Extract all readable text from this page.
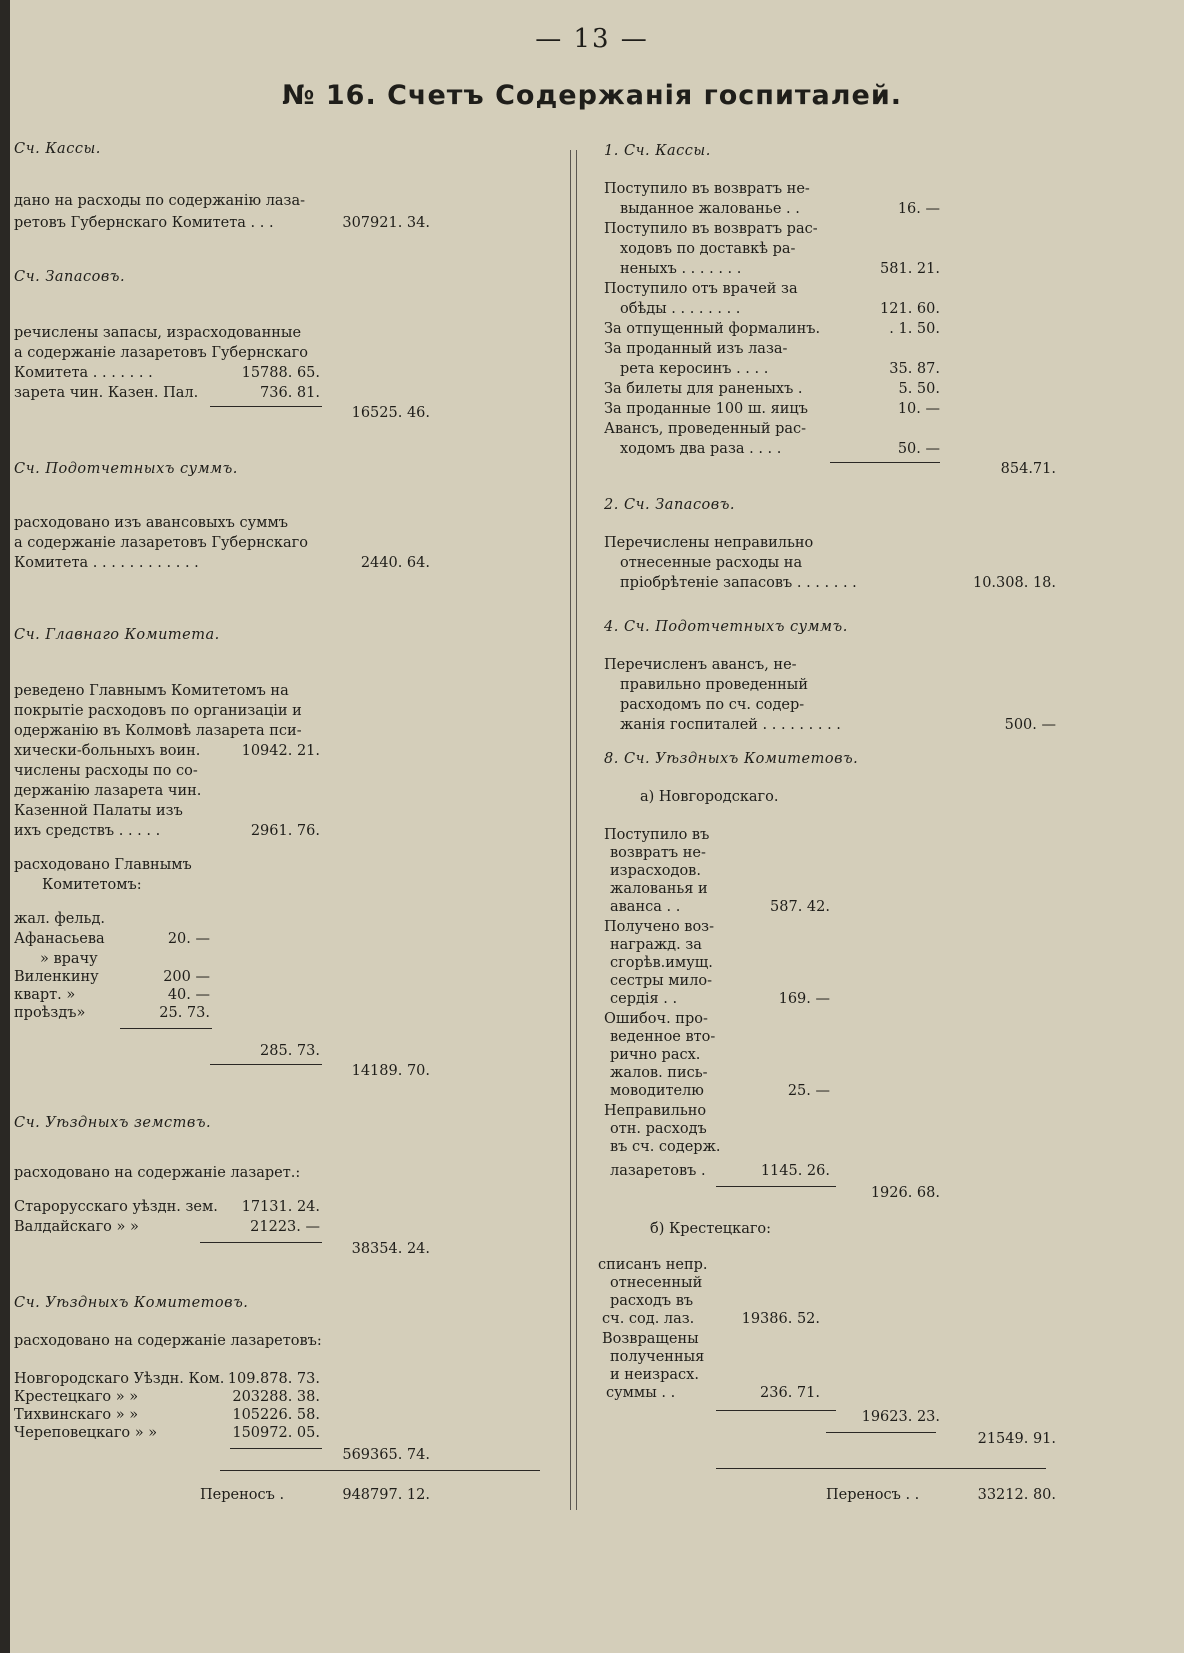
— 13 —
№ 16. Счетъ Содержанія госпиталей.
Сч. Кассы.
дано на расходы по содержанію лаза-
ретовъ Губернскаго Комитета . . .	307921. 34.
Сч. Запасовъ.
речислены запасы, израсходованные
а содержаніе лазаретовъ Губернскаго
Комитета . . . . . . .	15788. 65.
зарета чин. Казен. Пал.	736. 81.
16525. 46.
Сч. Подотчетныхъ суммъ.
расходовано изъ авансовыхъ суммъ
а содержаніе лазаретовъ Губернскаго
Комитета . . . . . . . . . . . .	2440. 64.
Сч. Главнаго Комитета.
реведено Главнымъ Комитетомъ на
покрытіе расходовъ по организаціи и
одержанію въ Колмовѣ лазарета пси-
хически-больныхъ воин.	10942. 21.
числены расходы по со-
держанію лазарета чин.
Казенной Палаты изъ
ихъ средствъ . . . . .	2961. 76.
расходовано Главнымъ
Комитетомъ:
жал. фельд.
Афанасьева	20. —
» врачу
Виленкину	200 —
кварт. »	40. —
проѣздъ»	25. 73.
285. 73.
14189. 70.
Сч. Уѣздныхъ земствъ.
расходовано на содержаніе лазарет.:
Старорусскаго уѣздн. зем.	17131. 24.
Валдайскаго » »	21223. —
38354. 24.
Сч. Уѣздныхъ Комитетовъ.
расходовано на содержаніе лазаретовъ:
Новгородскаго Уѣздн. Ком. 109.878. 73.
Крестецкаго » »	203288. 38.
Тихвинскаго » »	105226. 58.
Череповецкаго » »	150972. 05.
569365. 74.
Переносъ .	948797. 12.
1. Сч. Кассы.
Поступило въ возвратъ не-
выданное жалованье . .	16. —
Поступило въ возвратъ рас-
ходовъ по доставкѣ ра-
неныхъ . . . . . . .	581. 21.
Поступило отъ врачей за
обѣды . . . . . . . .	121. 60.
За отпущенный формалинъ.	. 1. 50.
За проданный изъ лаза-
рета керосинъ . . . .	35. 87.
За билеты для раненыхъ .	5. 50.
За проданные 100 ш. яицъ	10. —
Авансъ, проведенный рас-
ходомъ два раза . . . .	50. —
854.71.
2. Сч. Запасовъ.
Перечислены неправильно
отнесенные расходы на
пріобрѣтеніе запасовъ . . . . . . .	10.308. 18.
4. Сч. Подотчетныхъ суммъ.
Перечисленъ авансъ, не-
правильно проведенный
расходомъ по сч. содер-
жанія госпиталей . . . . . . . . .	500. —
8. Сч. Уѣздныхъ Комитетовъ.
а) Новгородскаго.
Поступило въ
возвратъ не-
израсходов.
жалованья и
аванса . .	587. 42.
Получено воз-
награжд. за
сгорѣв.имущ.
сестры мило-
сердія . .	169. —
Ошибоч. про-
веденное вто-
рично расх.
жалов. пись-
моводителю	25. —
Неправильно
отн. расходъ
въ сч. содерж.
лазаретовъ .	1145. 26.
1926. 68.
б) Крестецкаго:
списанъ непр.
отнесенный
расходъ въ
сч. сод. лаз.	19386. 52.
Возвращены
полученныя
и неизрасх.
суммы . .	236. 71.
19623. 23.
21549. 91.
Переносъ . .	33212. 80.
